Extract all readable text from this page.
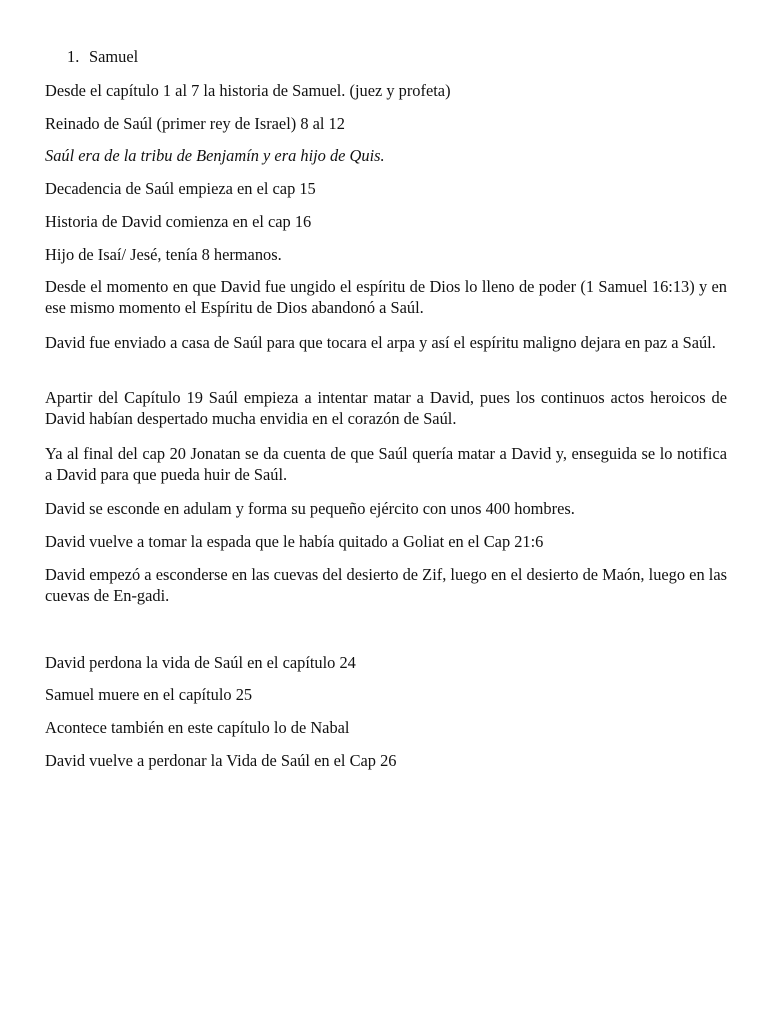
1. Samuel
Desde el capítulo 1 al 7 la historia de Samuel. (juez y profeta)
Reinado de Saúl (primer rey de Israel) 8 al 12
Saúl era de la tribu de Benjamín y era hijo de Quis.
Decadencia de Saúl empieza en el cap 15
Historia de David comienza en el cap 16
Hijo de Isaí/ Jesé, tenía 8 hermanos.
Desde el momento en que David fue ungido el espíritu de Dios lo lleno de poder (1 Samuel 16:13) y en ese mismo momento el Espíritu de Dios abandonó a Saúl.
David fue enviado a casa de Saúl para que tocara el arpa y así el espíritu maligno dejara en paz a Saúl.
Apartir del Capítulo 19 Saúl empieza a intentar matar a David, pues los continuos actos heroicos de David habían despertado mucha envidia en el corazón de Saúl.
Ya al final del cap 20 Jonatan se da cuenta de que Saúl quería matar a David y, enseguida se lo notifica a David para que pueda huir de Saúl.
David se esconde en adulam y forma su pequeño ejército con unos 400 hombres.
David vuelve a tomar la espada que le había quitado a Goliat en el Cap 21:6
David empezó a esconderse en las cuevas del desierto de Zif, luego en el desierto de Maón, luego en las cuevas de En-gadi.
David perdona la vida de Saúl en el capítulo 24
Samuel muere en el capítulo 25
Acontece también en este capítulo lo de Nabal
David vuelve a perdonar la Vida de Saúl en el Cap 26
